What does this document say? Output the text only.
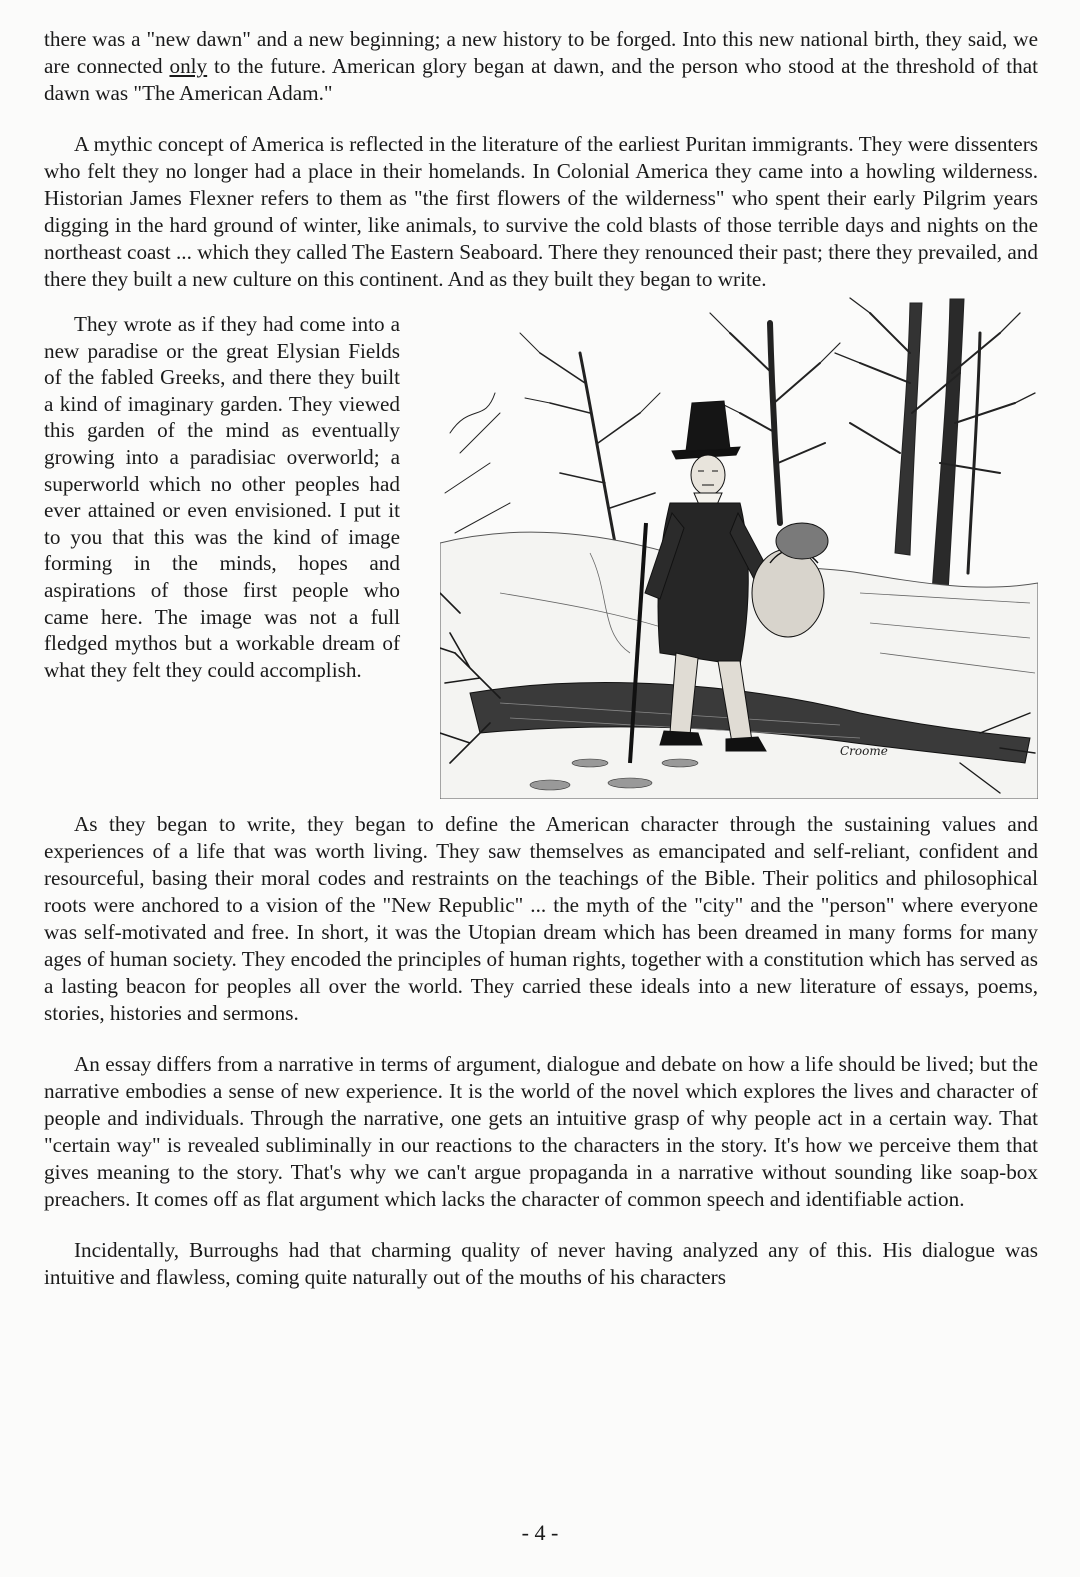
there was a "new dawn" and a new beginning; a new history to be forged. Into this new national birth, they said, we are connected only to the future. American glory began at dawn, and the person who stood at the threshold of that dawn was "The American Adam."

A mythic concept of America is reflected in the literature of the earliest Puritan immigrants. They were dissenters who felt they no longer had a place in their homelands. In Colonial America they came into a howling wilderness. Historian James Flexner refers to them as "the first flowers of the wilderness" who spent their early Pilgrim years digging in the hard ground of winter, like animals, to survive the cold blasts of those terrible days and nights on the northeast coast ... which they called The Eastern Seaboard. There they renounced their past; there they prevailed, and there they built a new culture on this continent. And as they built they began to write.

They wrote as if they had come into a new paradise or the great Elysian Fields of the fabled Greeks, and there they built a kind of imaginary garden. They viewed this garden of the mind as eventually growing into a paradisiac overworld; a superworld which no other peoples had ever attained or even envisioned. I put it to you that this was the kind of image forming in the minds, hopes and aspirations of those first people who came here. The image was not a full fledged mythos but a workable dream of what they felt they could accomplish.

Croome

As they began to write, they began to define the American character through the sustaining values and experiences of a life that was worth living. They saw themselves as emancipated and self-reliant, confident and resourceful, basing their moral codes and restraints on the teachings of the Bible. Their politics and philosophical roots were anchored to a vision of the "New Republic" ... the myth of the "city" and the "person" where everyone was self-motivated and free. In short, it was the Utopian dream which has been dreamed in many forms for many ages of human society. They encoded the principles of human rights, together with a constitution which has served as a lasting beacon for peoples all over the world. They carried these ideals into a new literature of essays, poems, stories, histories and sermons.

An essay differs from a narrative in terms of argument, dialogue and debate on how a life should be lived; but the narrative embodies a sense of new experience. It is the world of the novel which explores the lives and character of people and individuals. Through the narrative, one gets an intuitive grasp of why people act in a certain way. That "certain way" is revealed subliminally in our reactions to the characters in the story. It's how we perceive them that gives meaning to the story. That's why we can't argue propaganda in a narrative without sounding like soap-box preachers. It comes off as flat argument which lacks the character of common speech and identifiable action.

Incidentally, Burroughs had that charming quality of never having analyzed any of this. His dialogue was intuitive and flawless, coming quite naturally out of the mouths of his characters

- 4 -
